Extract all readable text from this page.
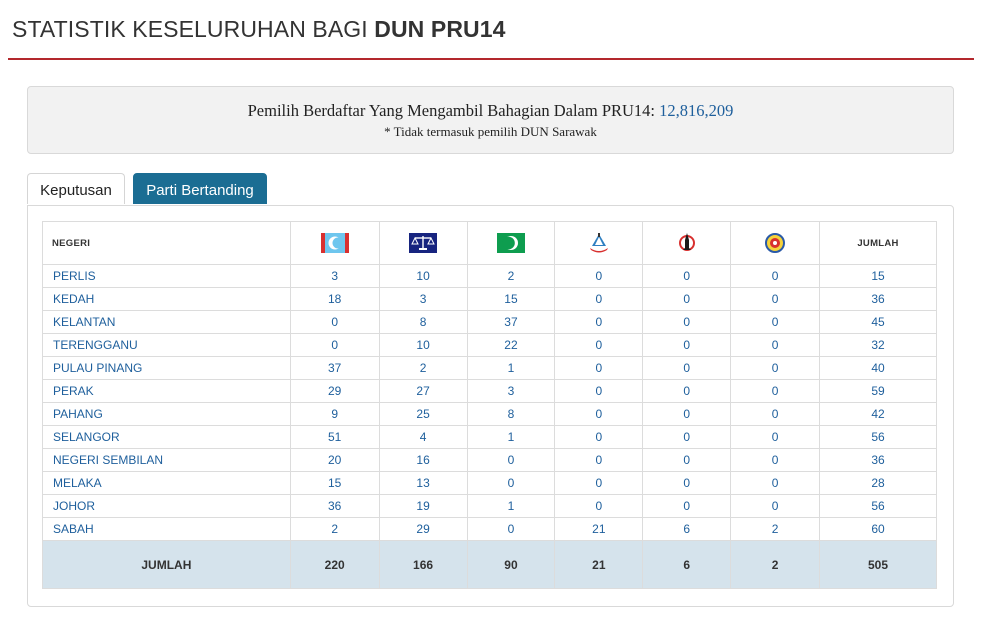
STATISTIK KESELURUHAN BAGI DUN PRU14
Pemilih Berdaftar Yang Mengambil Bahagian Dalam PRU14: 12,816,209
* Tidak termasuk pemilih DUN Sarawak
Keputusan	Parti Bertanding
NEGERI							JUMLAH
PERLIS	3	10	2	0	0	0	15
KEDAH	18	3	15	0	0	0	36
KELANTAN	0	8	37	0	0	0	45
TERENGGANU	0	10	22	0	0	0	32
PULAU PINANG	37	2	1	0	0	0	40
PERAK	29	27	3	0	0	0	59
PAHANG	9	25	8	0	0	0	42
SELANGOR	51	4	1	0	0	0	56
NEGERI SEMBILAN	20	16	0	0	0	0	36
MELAKA	15	13	0	0	0	0	28
JOHOR	36	19	1	0	0	0	56
SABAH	2	29	0	21	6	2	60
JUMLAH	220	166	90	21	6	2	505
